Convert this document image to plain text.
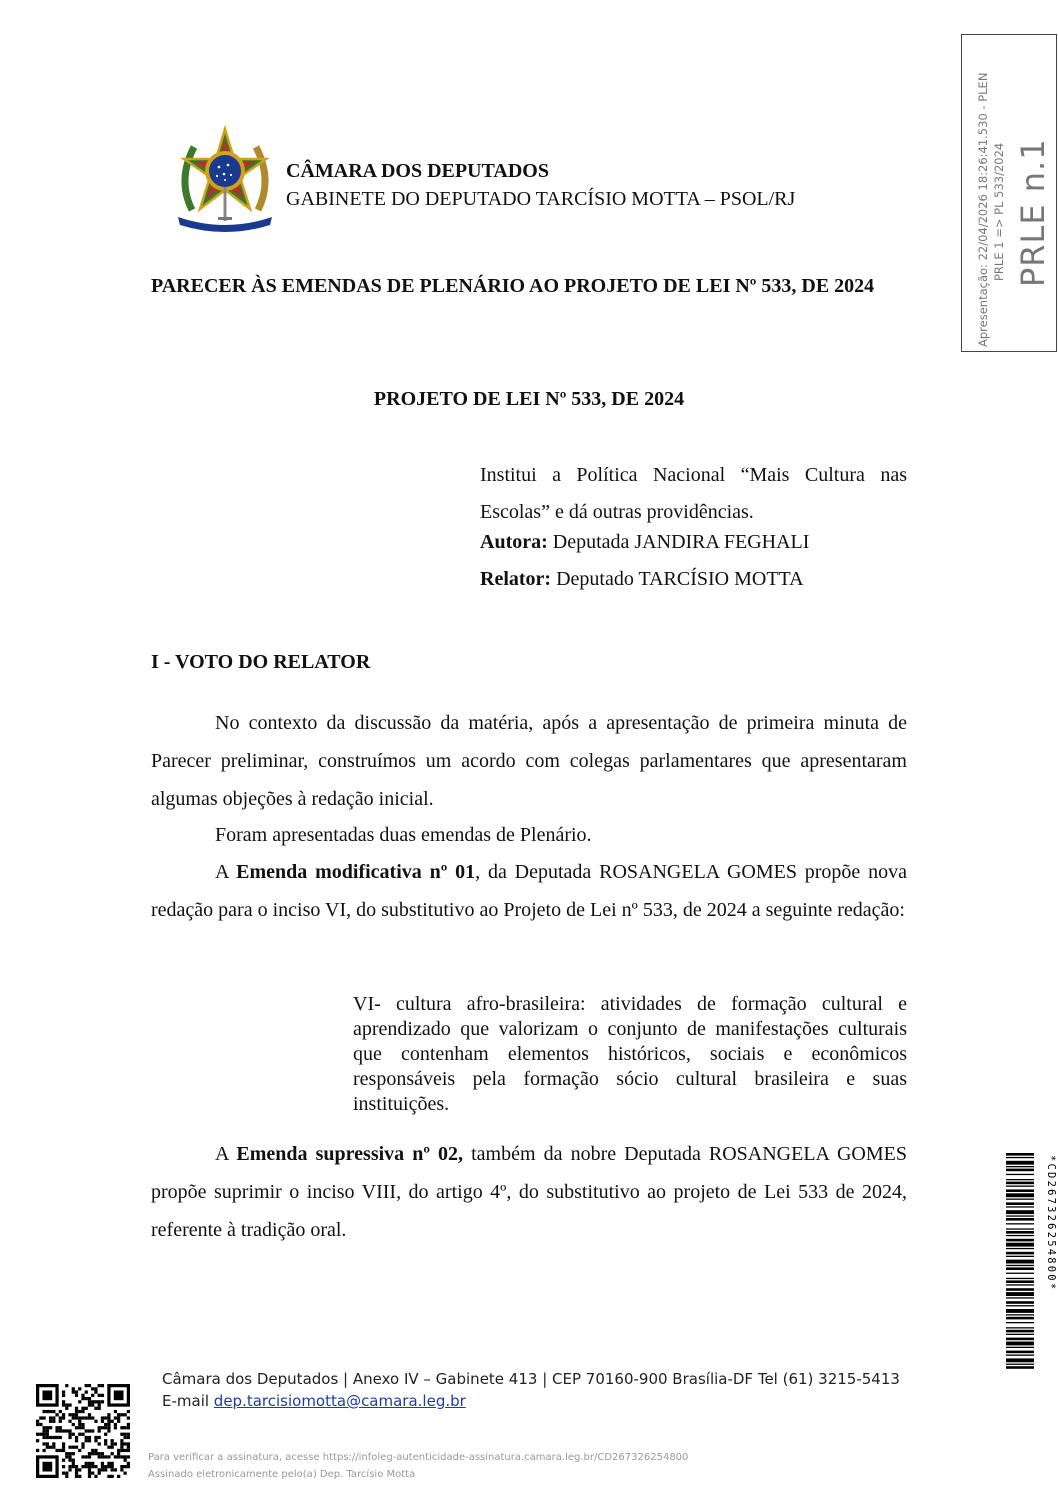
CÂMARA DOS DEPUTADOS
GABINETE DO DEPUTADO TARCÍSIO MOTTA – PSOL/RJ	Apresentação: 22/04/2026 18:26:41.530 - PLEN PRLE 1 => PL 533/2024 PRLE n.1
PARECER ÀS EMENDAS DE PLENÁRIO AO PROJETO DE LEI Nº 533, DE 2024
PROJETO DE LEI Nº 533, DE 2024
Institui a Política Nacional “Mais Cultura nas Escolas” e dá outras providências.
Autora: Deputada JANDIRA FEGHALI
Relator: Deputado TARCÍSIO MOTTA
I - VOTO DO RELATOR
No contexto da discussão da matéria, após a apresentação de primeira minuta de Parecer preliminar, construímos um acordo com colegas parlamentares que apresentaram algumas objeções à redação inicial.
Foram apresentadas duas emendas de Plenário.
A Emenda modificativa nº 01, da Deputada ROSANGELA GOMES propõe nova redação para o inciso VI, do substitutivo ao Projeto de Lei nº 533, de 2024 a seguinte redação:
VI- cultura afro-brasileira: atividades de formação cultural e aprendizado que valorizam o conjunto de manifestações culturais que contenham elementos históricos, sociais e econômicos responsáveis pela formação sócio cultural brasileira e suas instituições.
A Emenda supressiva nº 02, também da nobre Deputada ROSANGELA GOMES propõe suprimir o inciso VIII, do artigo 4º, do substitutivo ao projeto de Lei 533 de 2024, referente à tradição oral.	*CD267326254800*
Câmara dos Deputados | Anexo IV – Gabinete 413 | CEP 70160-900 Brasília-DF Tel (61) 3215-5413 E-mail dep.tarcisiomotta@camara.leg.br
Para verificar a assinatura, acesse https://infoleg-autenticidade-assinatura.camara.leg.br/CD267326254800
Assinado eletronicamente pelo(a) Dep. Tarcísio Motta
